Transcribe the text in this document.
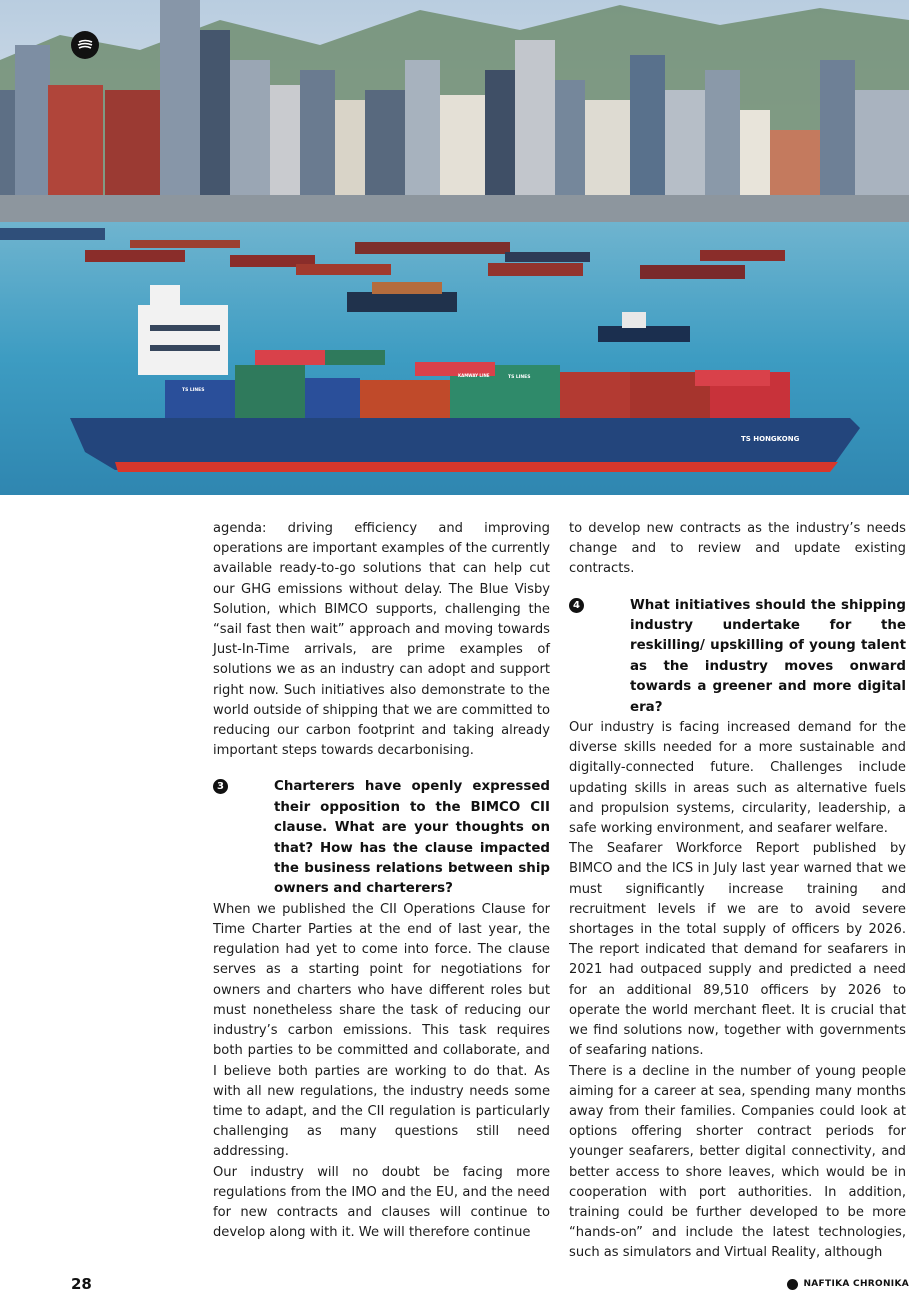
TS HONGKONG
TS LINES
TS LINES
KAMWAY LINE

agenda: driving efficiency and improving operations are important examples of the currently available ready-to-go solutions that can help cut our GHG emissions without delay. The Blue Visby Solution, which BIMCO supports, challenging the “sail fast then wait” approach and moving towards Just-In-Time arrivals, are prime examples of solutions we as an industry can adopt and support right now. Such initiatives also demonstrate to the world outside of shipping that we are committed to reducing our carbon footprint and taking already important steps towards decarbonising.

3	Charterers have openly expressed their opposition to the BIMCO CII clause. What are your thoughts on that? How has the clause impacted the business relations between ship owners and charterers?

When we published the CII Operations Clause for Time Charter Parties at the end of last year, the regulation had yet to come into force. The clause serves as a starting point for negotiations for owners and charters who have different roles but must nonetheless share the task of reducing our industry’s carbon emissions. This task requires both parties to be committed and collaborate, and I believe both parties are working to do that. As with all new regulations, the industry needs some time to adapt, and the CII regulation is particularly challenging as many questions still need addressing.

Our industry will no doubt be facing more regulations from the IMO and the EU, and the need for new contracts and clauses will continue to develop along with it. We will therefore continue

to develop new contracts as the industry’s needs change and to review and update existing contracts.

4	What initiatives should the shipping industry undertake for the reskilling/ upskilling of young talent as the industry moves onward towards a greener and more digital era?

Our industry is facing increased demand for the diverse skills needed for a more sustainable and digitally-connected future. Challenges include updating skills in areas such as alternative fuels and propulsion systems, circularity, leadership, a safe working environment, and seafarer welfare.

The Seafarer Workforce Report published by BIMCO and the ICS in July last year warned that we must significantly increase training and recruitment levels if we are to avoid severe shortages in the total supply of officers by 2026. The report indicated that demand for seafarers in 2021 had outpaced supply and predicted a need for an additional 89,510 officers by 2026 to operate the world merchant fleet. It is crucial that we find solutions now, together with governments of seafaring nations.

There is a decline in the number of young people aiming for a career at sea, spending many months away from their families. Companies could look at options offering shorter contract periods for younger seafarers, better digital connectivity, and better access to shore leaves, which would be in cooperation with port authorities. In addition, training could be further developed to be more “hands-on” and include the latest technologies, such as simulators and Virtual Reality, although

28	NAFTIKA CHRONIKA
